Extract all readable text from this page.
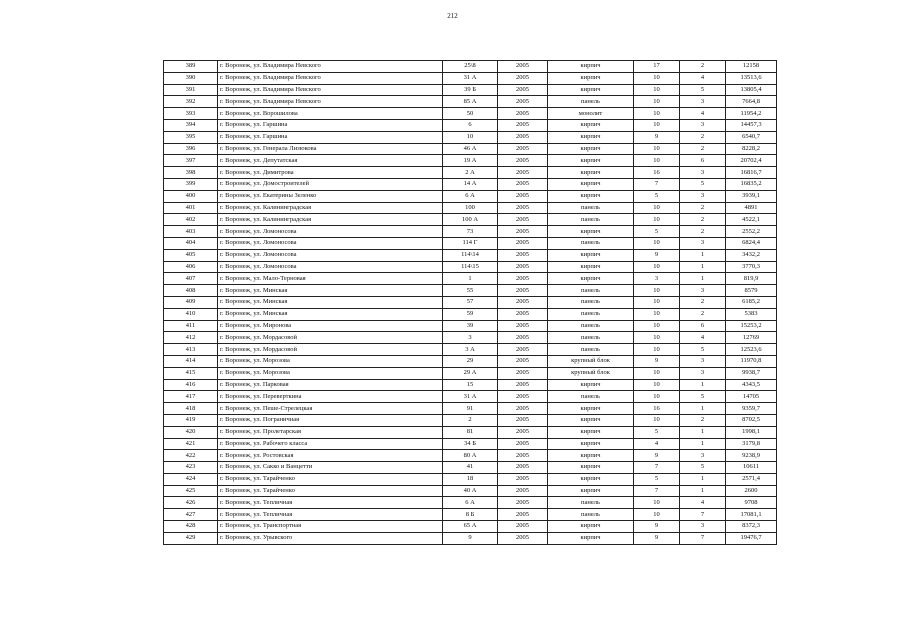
212
389	г. Воронеж, ул. Владимира Невского	25\8	2005	кирпич	17	2	12158
390	г. Воронеж, ул. Владимира Невского	31 А	2005	кирпич	10	4	13513,6
391	г. Воронеж, ул. Владимира Невского	39 Б	2005	кирпич	10	5	13805,4
392	г. Воронеж, ул. Владимира Невского	85 А	2005	панель	10	3	7664,8
393	г. Воронеж, ул. Ворошилова	50	2005	монолит	10	4	11954,2
394	г. Воронеж, ул. Гаршина	6	2005	кирпич	10	3	14457,3
395	г. Воронеж, ул. Гаршина	10	2005	кирпич	9	2	6540,7
396	г. Воронеж, ул. Генерала Лизюкова	46 А	2005	кирпич	10	2	8228,2
397	г. Воронеж, ул. Депутатская	19 А	2005	кирпич	10	6	20702,4
398	г. Воронеж, ул. Димитрова	2 А	2005	кирпич	16	3	16816,7
399	г. Воронеж, ул. Домостроителей	14 А	2005	кирпич	7	5	16835,2
400	г. Воронеж, ул. Екатерины Зеленко	6 А	2005	кирпич	5	3	3939,1
401	г. Воронеж, ул. Калининградская	100	2005	панель	10	2	4891
402	г. Воронеж, ул. Калининградская	100 А	2005	панель	10	2	4522,1
403	г. Воронеж, ул. Ломоносова	73	2005	кирпич	5	2	2552,2
404	г. Воронеж, ул. Ломоносова	114 Г	2005	панель	10	3	6824,4
405	г. Воронеж, ул. Ломоносова	114\14	2005	кирпич	9	1	3432,2
406	г. Воронеж, ул. Ломоносова	114\15	2005	кирпич	10	1	3770,3
407	г. Воронеж, ул. Мало-Терновая	1	2005	кирпич	3	1	819,9
408	г. Воронеж, ул. Минская	55	2005	панель	10	3	8579
409	г. Воронеж, ул. Минская	57	2005	панель	10	2	6185,2
410	г. Воронеж, ул. Минская	59	2005	панель	10	2	5383
411	г. Воронеж, ул. Миронова	39	2005	панель	10	6	15253,2
412	г. Воронеж, ул. Мордасовой	3	2005	панель	10	4	12769
413	г. Воронеж, ул. Мордасовой	3 А	2005	панель	10	5	12523,6
414	г. Воронеж, ул. Морозова	29	2005	крупный блок	9	3	11970,8
415	г. Воронеж, ул. Морозова	29 А	2005	крупный блок	10	3	9938,7
416	г. Воронеж, ул. Парковая	15	2005	кирпич	10	1	4343,5
417	г. Воронеж, ул. Переверткина	31 А	2005	панель	10	5	14705
418	г. Воронеж, ул. Пеше-Стрелецкая	91	2005	кирпич	16	1	9359,7
419	г. Воронеж, ул. Пограничная	2	2005	кирпич	10	2	8702,5
420	г. Воронеж, ул. Пролетарская	81	2005	кирпич	5	1	1998,1
421	г. Воронеж, ул. Рабочего класса	34 Б	2005	кирпич	4	1	3179,8
422	г. Воронеж, ул. Ростовская	80 А	2005	кирпич	9	3	9238,9
423	г. Воронеж, ул. Сакко и Ванцетти	41	2005	кирпич	7	5	10611
424	г. Воронеж, ул. Тарайченко	18	2005	кирпич	5	1	2571,4
425	г. Воронеж, ул. Тарайченко	40 А	2005	кирпич	7	1	2600
426	г. Воронеж, ул. Тепличная	6 А	2005	панель	10	4	9708
427	г. Воронеж, ул. Тепличная	8 Б	2005	панель	10	7	17081,1
428	г. Воронеж, ул. Транспортная	65 А	2005	кирпич	9	3	8372,3
429	г. Воронеж, ул. Урывского	9	2005	кирпич	9	7	19476,7
